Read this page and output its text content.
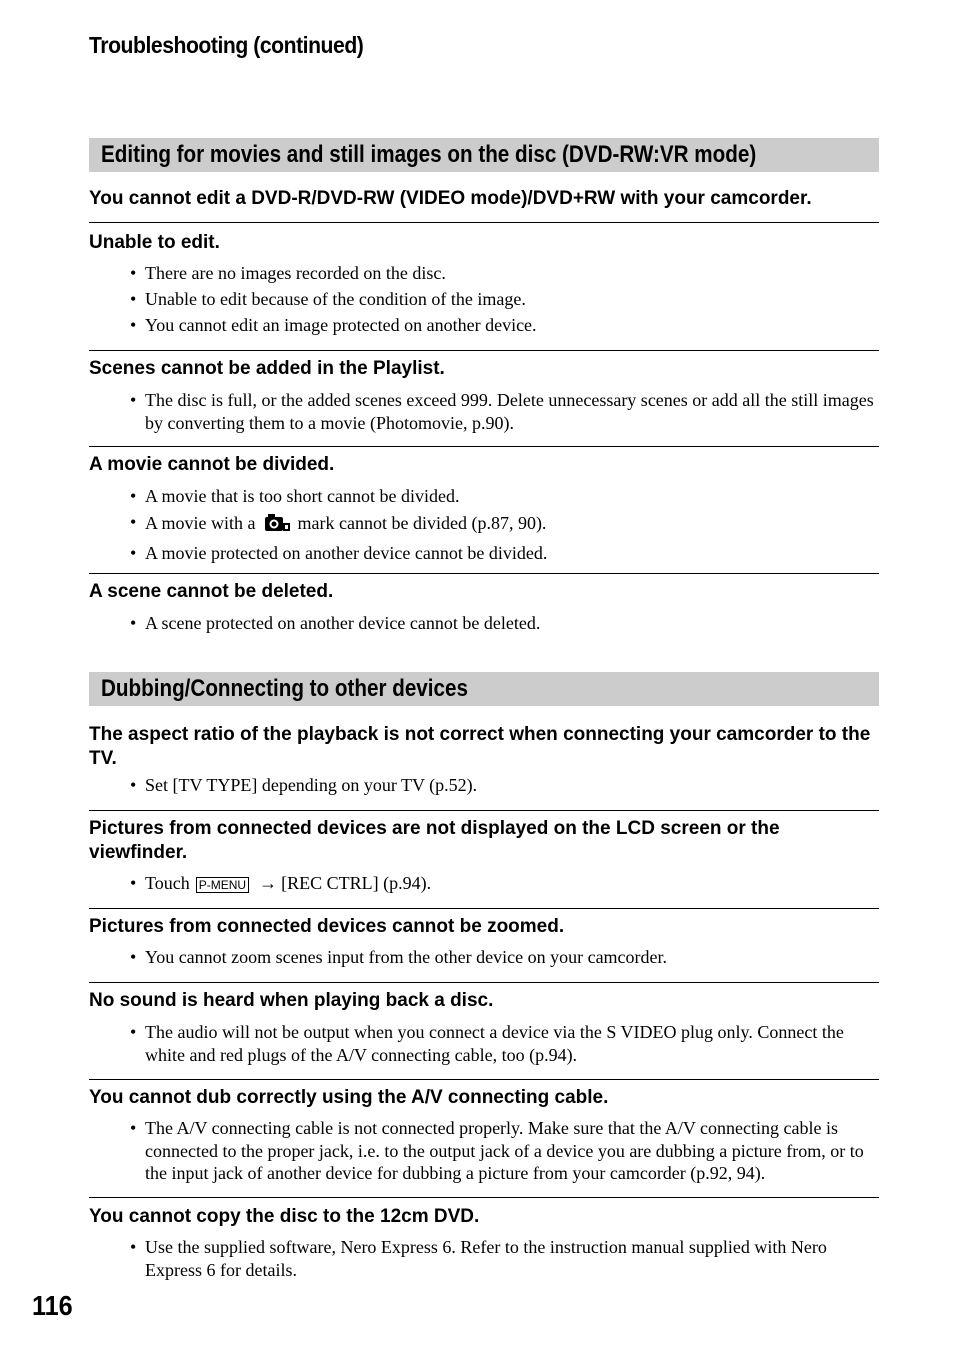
Troubleshooting (continued)
Editing for movies and still images on the disc (DVD-RW:VR mode)
You cannot edit a DVD-R/DVD-RW (VIDEO mode)/DVD+RW with your camcorder.
Unable to edit.
• There are no images recorded on the disc.
• Unable to edit because of the condition of the image.
• You cannot edit an image protected on another device.
Scenes cannot be added in the Playlist.
• The disc is full, or the added scenes exceed 999. Delete unnecessary scenes or add all the still images by converting them to a movie (Photomovie, p.90).
A movie cannot be divided.
• A movie that is too short cannot be divided.
• A movie with a mark cannot be divided (p.87, 90).
• A movie protected on another device cannot be divided.
A scene cannot be deleted.
• A scene protected on another device cannot be deleted.
Dubbing/Connecting to other devices
The aspect ratio of the playback is not correct when connecting your camcorder to the TV.
• Set [TV TYPE] depending on your TV (p.52).
Pictures from connected devices are not displayed on the LCD screen or the viewfinder.
• Touch P-MENU → [REC CTRL] (p.94).
Pictures from connected devices cannot be zoomed.
• You cannot zoom scenes input from the other device on your camcorder.
No sound is heard when playing back a disc.
• The audio will not be output when you connect a device via the S VIDEO plug only. Connect the white and red plugs of the A/V connecting cable, too (p.94).
You cannot dub correctly using the A/V connecting cable.
• The A/V connecting cable is not connected properly. Make sure that the A/V connecting cable is connected to the proper jack, i.e. to the output jack of a device you are dubbing a picture from, or to the input jack of another device for dubbing a picture from your camcorder (p.92, 94).
You cannot copy the disc to the 12cm DVD.
• Use the supplied software, Nero Express 6. Refer to the instruction manual supplied with Nero Express 6 for details.
116
